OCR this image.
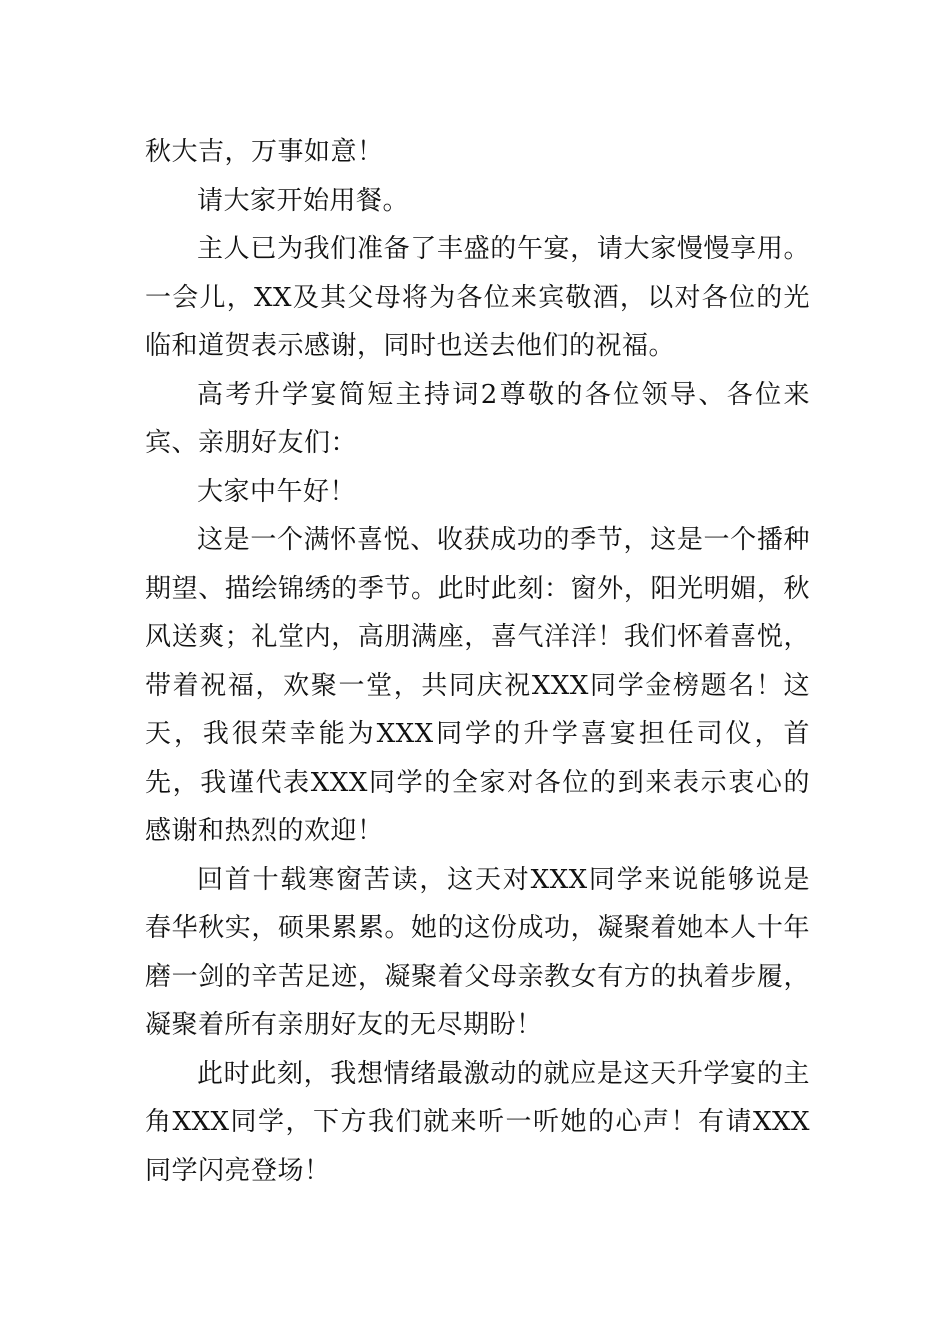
秋大吉，万事如意！

请大家开始用餐。

主人已为我们准备了丰盛的午宴，请大家慢慢享用。一会儿，XX及其父母将为各位来宾敬酒，以对各位的光临和道贺表示感谢，同时也送去他们的祝福。

高考升学宴简短主持词2尊敬的各位领导、各位来宾、亲朋好友们：

大家中午好！

这是一个满怀喜悦、收获成功的季节，这是一个播种期望、描绘锦绣的季节。此时此刻：窗外，阳光明媚，秋风送爽；礼堂内，高朋满座，喜气洋洋！我们怀着喜悦，带着祝福，欢聚一堂，共同庆祝XXX同学金榜题名！这天，我很荣幸能为XXX同学的升学喜宴担任司仪，首先，我谨代表XXX同学的全家对各位的到来表示衷心的感谢和热烈的欢迎！

回首十载寒窗苦读，这天对XXX同学来说能够说是春华秋实，硕果累累。她的这份成功，凝聚着她本人十年磨一剑的辛苦足迹，凝聚着父母亲教女有方的执着步履，凝聚着所有亲朋好友的无尽期盼！

此时此刻，我想情绪最激动的就应是这天升学宴的主角XXX同学，下方我们就来听一听她的心声！有请XXX同学闪亮登场！
